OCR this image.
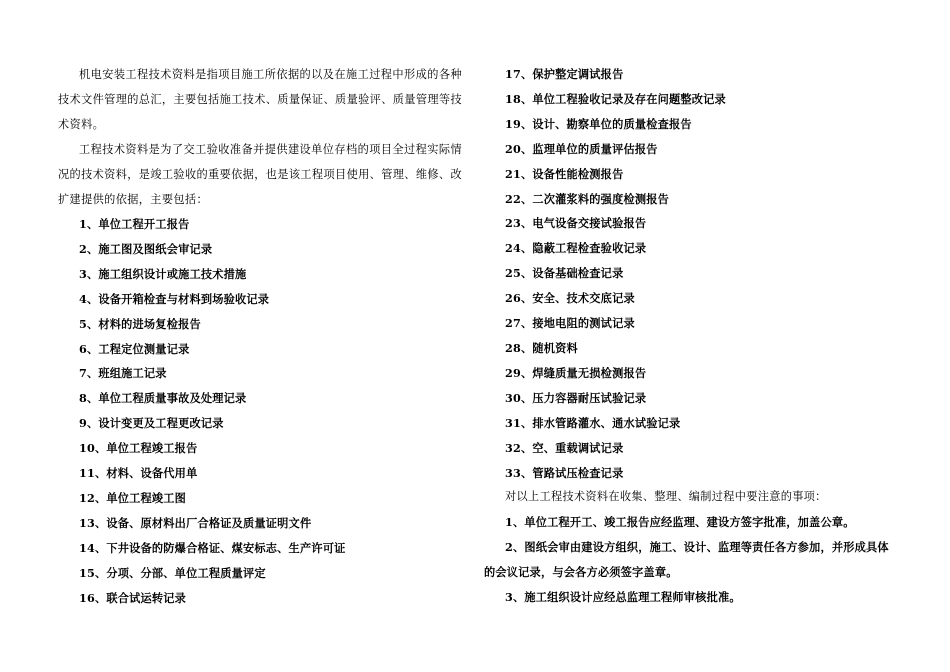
机电安装工程技术资料是指项目施工所依据的以及在施工过程中形成的各种技术文件管理的总汇，主要包括施工技术、质量保证、质量验评、质量管理等技术资料。

工程技术资料是为了交工验收准备并提供建设单位存档的项目全过程实际情况的技术资料，是竣工验收的重要依据，也是该工程项目使用、管理、维修、改扩建提供的依据，主要包括：

1、单位工程开工报告

2、施工图及图纸会审记录

3、施工组织设计或施工技术措施

4、设备开箱检查与材料到场验收记录

5、材料的进场复检报告

6、工程定位测量记录

7、班组施工记录

8、单位工程质量事故及处理记录

9、设计变更及工程更改记录

10、单位工程竣工报告

11、材料、设备代用单

12、单位工程竣工图

13、设备、原材料出厂合格证及质量证明文件

14、下井设备的防爆合格证、煤安标志、生产许可证

15、分项、分部、单位工程质量评定

16、联合试运转记录

17、保护整定调试报告

18、单位工程验收记录及存在问题整改记录

19、设计、勘察单位的质量检查报告

20、监理单位的质量评估报告

21、设备性能检测报告

22、二次灌浆料的强度检测报告

23、电气设备交接试验报告

24、隐蔽工程检查验收记录

25、设备基础检查记录

26、安全、技术交底记录

27、接地电阻的测试记录

28、随机资料

29、焊缝质量无损检测报告

30、压力容器耐压试验记录

31、排水管路灌水、通水试验记录

32、空、重载调试记录

33、管路试压检查记录

对以上工程技术资料在收集、整理、编制过程中要注意的事项：

1、单位工程开工、竣工报告应经监理、建设方签字批准，加盖公章。

2、图纸会审由建设方组织，施工、设计、监理等责任各方参加，并形成具体的会议记录，与会各方必须签字盖章。

3、施工组织设计应经总监理工程师审核批准。
